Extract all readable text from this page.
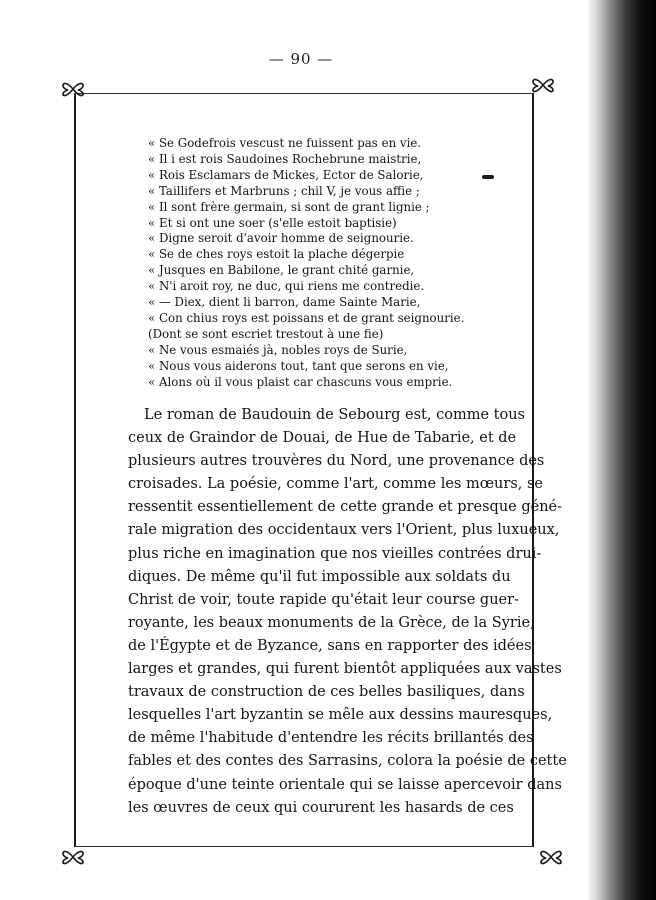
— 90 —
« Se Godefrois vescust ne fuissent pas en vie.
« Il i est rois Saudoines Rochebrune maistrie,
« Rois Esclamars de Mickes, Ector de Salorie,
« Taillifers et Marbruns ; chil V, je vous affie ;
« Il sont frère germain, si sont de grant lignie ;
« Et si ont une soer (s'elle estoit baptisie)
« Digne seroit d'avoir homme de seignourie.
« Se de ches roys estoit la plache dégerpie
« Jusques en Babilone, le grant chité garnie,
« N'i aroit roy, ne duc, qui riens me contredie.
« — Diex, dient li barron, dame Sainte Marie,
« Con chius roys est poissans et de grant seignourie.
(Dont se sont escriet trestout à une fie)
« Ne vous esmaiés jà, nobles roys de Surie,
« Nous vous aiderons tout, tant que serons en vie,
« Alons où il vous plaist car chascuns vous emprie.
Le roman de Baudouin de Sebourg est, comme tous
ceux de Graindor de Douai, de Hue de Tabarie, et de
plusieurs autres trouvères du Nord, une provenance des
croisades. La poésie, comme l'art, comme les mœurs, se
ressentit essentiellement de cette grande et presque géné-
rale migration des occidentaux vers l'Orient, plus luxueux,
plus riche en imagination que nos vieilles contrées drui-
diques. De même qu'il fut impossible aux soldats du
Christ de voir, toute rapide qu'était leur course guer-
royante, les beaux monuments de la Grèce, de la Syrie,
de l'Égypte et de Byzance, sans en rapporter des idées
larges et grandes, qui furent bientôt appliquées aux vastes
travaux de construction de ces belles basiliques, dans
lesquelles l'art byzantin se mêle aux dessins mauresques,
de même l'habitude d'entendre les récits brillantés des
fables et des contes des Sarrasins, colora la poésie de cette
époque d'une teinte orientale qui se laisse apercevoir dans
les œuvres de ceux qui coururent les hasards de ces
